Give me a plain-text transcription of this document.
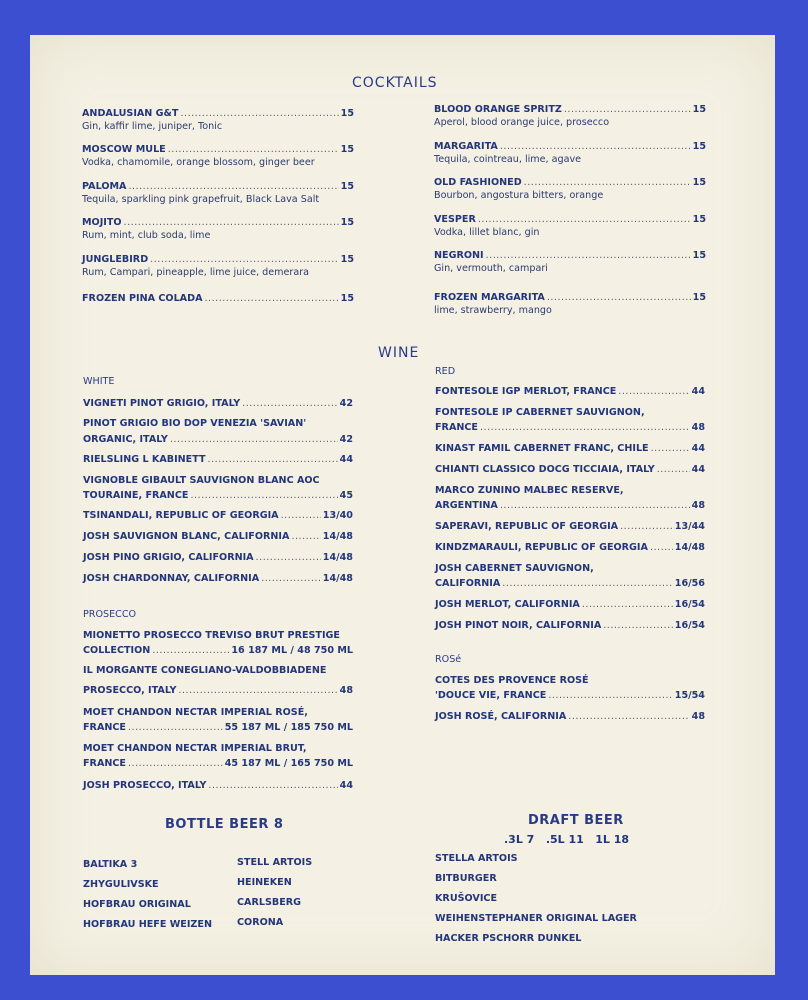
COCKTAILS
ANDALUSIAN G&T .....	15
Gin, kaffir lime, juniper, Tonic
MOSCOW MULE .....	15
Vodka, chamomile, orange blossom, ginger beer
PALOMA .....	15
Tequila, sparkling pink grapefruit, Black Lava Salt
MOJITO .....	15
Rum, mint, club soda, lime
JUNGLEBIRD .....	15
Rum, Campari, pineapple, lime juice, demerara
FROZEN PINA COLADA .....	15
BLOOD ORANGE SPRITZ .....	15
Aperol, blood orange juice, prosecco
MARGARITA .....	15
Tequila, cointreau, lime, agave
OLD FASHIONED .....	15
Bourbon, angostura bitters, orange
VESPER .....	15
Vodka, lillet blanc, gin
NEGRONI .....	15
Gin, vermouth, campari
FROZEN MARGARITA .....	15
lime, strawberry, mango
WINE
WHITE
VIGNETI PINOT GRIGIO, ITALY .....	42
PINOT GRIGIO BIO DOP VENEZIA 'SAVIAN'
ORGANIC, ITALY .....	42
RIELSLING L KABINETT .....	44
VIGNOBLE GIBAULT SAUVIGNON BLANC AOC
TOURAINE, FRANCE .....	45
TSINANDALI, REPUBLIC OF GEORGIA .....	13/40
JOSH SAUVIGNON BLANC, CALIFORNIA .....	14/48
JOSH PINO GRIGIO, CALIFORNIA .....	14/48
JOSH CHARDONNAY, CALIFORNIA .....	14/48
PROSECCO
MIONETTO PROSECCO TREVISO BRUT PRESTIGE
COLLECTION .....	16 187 ML / 48 750 ML
IL MORGANTE CONEGLIANO-VALDOBBIADENE
PROSECCO, ITALY .....	48
MOET CHANDON NECTAR IMPERIAL ROSÉ,
FRANCE .....	55 187 ML / 185 750 ML
MOET CHANDON NECTAR IMPERIAL BRUT,
FRANCE .....	45 187 ML / 165 750 ML
JOSH PROSECCO, ITALY .....	44
RED
FONTESOLE IGP MERLOT, FRANCE .....	44
FONTESOLE IP CABERNET SAUVIGNON,
FRANCE .....	48
KINAST FAMIL CABERNET FRANC, CHILE .....	44
CHIANTI CLASSICO DOCG TICCIAIA, ITALY .....	44
MARCO ZUNINO MALBEC RESERVE,
ARGENTINA .....	48
SAPERAVI, REPUBLIC OF GEORGIA .....	13/44
KINDZMARAULI, REPUBLIC OF GEORGIA .....	14/48
JOSH CABERNET SAUVIGNON,
CALIFORNIA .....	16/56
JOSH MERLOT, CALIFORNIA .....	16/54
JOSH PINOT NOIR, CALIFORNIA .....	16/54
ROSé
COTES DES PROVENCE ROSÉ
'DOUCE VIE, FRANCE .....	15/54
JOSH ROSÉ, CALIFORNIA .....	48
BOTTLE BEER 8
BALTIKA 3
ZHYGULIVSKE
HOFBRAU ORIGINAL
HOFBRAU HEFE WEIZEN
STELL ARTOIS
HEINEKEN
CARLSBERG
CORONA
DRAFT BEER
.3L 7   .5L 11   1L 18
STELLA ARTOIS
BITBURGER
KRUŠOVICE
WEIHENSTEPHANER ORIGINAL LAGER
HACKER PSCHORR DUNKEL
